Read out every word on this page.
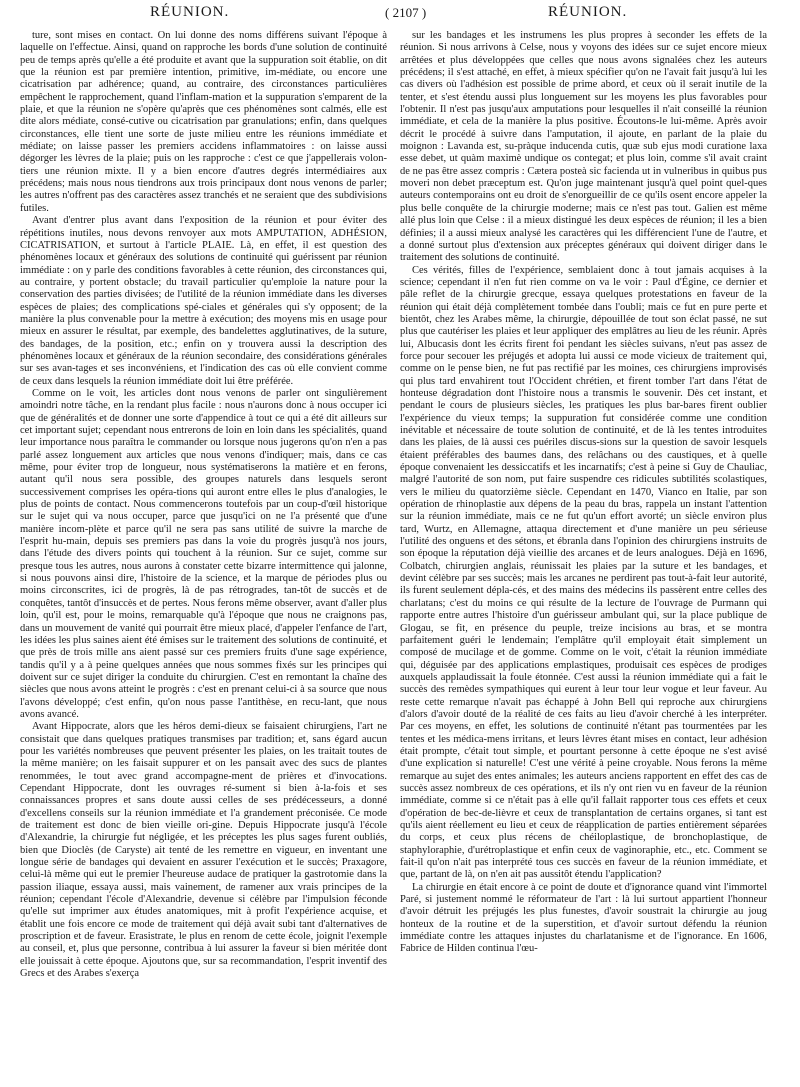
RÉUNION.	( 2107 )	RÉUNION.

ture, sont mises en contact. On lui donne des noms différens suivant l'époque à laquelle on l'effectue. Ainsi, quand on rapproche les bords d'une solution de continuité peu de temps après qu'elle a été produite et avant que la suppuration soit établie, on dit que la réunion est par première intention, primitive, im-médiate, ou encore une cicatrisation par adhérence; quand, au contraire, des circonstances particulières empêchent le rapprochement, quand l'inflam-mation et la suppuration s'emparent de la plaie, et que la réunion ne s'opère qu'après que ces phénomènes sont calmés, elle est dite alors médiate, consé-cutive ou cicatrisation par granulations; enfin, dans quelques circonstances, elle tient une sorte de juste milieu entre les réunions immédiate et médiate; on laisse passer les premiers accidens inflammatoires : on laisse aussi dégorger les lèvres de la plaie; puis on les rapproche : c'est ce que j'appellerais volon-tiers une réunion mixte. Il y a bien encore d'autres degrés intermédiaires aux précédens; mais nous nous tiendrons aux trois principaux dont nous venons de parler; les autres n'offrent pas des caractères assez tranchés et ne seraient que des subdivisions futiles.

Avant d'entrer plus avant dans l'exposition de la réunion et pour éviter des répétitions inutiles, nous devons renvoyer aux mots AMPUTATION, ADHÉSION, CICATRISATION, et surtout à l'article PLAIE. Là, en effet, il est question des phénomènes locaux et généraux des solutions de continuité qui guérissent par réunion immédiate : on y parle des conditions favorables à cette réunion, des circonstances qui, au contraire, y portent obstacle; du travail particulier qu'emploie la nature pour la conservation des parties divisées; de l'utilité de la réunion immédiate dans les diverses espèces de plaies; des complications spé-ciales et générales qui s'y opposent; de la manière la plus convenable pour la mettre à exécution; des moyens mis en usage pour mieux en assurer le résultat, par exemple, des bandelettes agglutinatives, de la suture, des bandages, de la position, etc.; enfin on y trouvera aussi la description des phénomènes locaux et généraux de la réunion secondaire, des considérations générales sur ses avan-tages et ses inconvéniens, et l'indication des cas où elle convient comme de ceux dans lesquels la réunion immédiate doit lui être préférée.

Comme on le voit, les articles dont nous venons de parler ont singulièrement amoindri notre tâche, en la rendant plus facile : nous n'aurons donc à nous occuper ici que de généralités et de donner une sorte d'appendice à tout ce qui a été dit ailleurs sur cet important sujet; cependant nous entrerons de loin en loin dans les spécialités, quand leur importance nous paraîtra le commander ou lorsque nous jugerons qu'on n'en a pas parlé assez longuement aux articles que nous venons d'indiquer; mais, dans ce cas même, pour éviter trop de longueur, nous systématiserons la matière et en ferons, autant qu'il nous sera possible, des groupes naturels dans lesquels seront successivement comprises les opéra-tions qui auront entre elles le plus d'analogies, le plus de points de contact. Nous commencerons toutefois par un coup-d'œil historique sur le sujet qui va nous occuper, parce que jusqu'ici on ne l'a présenté que d'une manière incom-plète et parce qu'il ne sera pas sans utilité de suivre la marche de l'esprit hu-main, depuis ses premiers pas dans la voie du progrès jusqu'à nos jours, dans l'étude des divers points qui touchent à la réunion. Sur ce sujet, comme sur presque tous les autres, nous aurons à constater cette bizarre intermittence qui jalonne, si nous pouvons ainsi dire, l'histoire de la science, et la marque de périodes plus ou moins circonscrites, ici de progrès, là de pas rétrogrades, tan-tôt de succès et de conquêtes, tantôt d'insuccès et de pertes. Nous ferons même observer, avant d'aller plus loin, qu'il est, pour le moins, remarquable qu'à l'époque que nous ne craignons pas, dans un mouvement de vanité qui pourrait être mieux placé, d'appeler l'enfance de l'art, les idées les plus saines aient été émises sur le traitement des solutions de continuité, et que près de trois mille ans aient passé sur ces premiers fruits d'une sage expérience, tandis qu'il y a à peine quelques années que nous sommes fixés sur les principes qui doivent sur ce sujet diriger la conduite du chirurgien. C'est en remontant la chaîne des siècles que nous avons atteint le progrès : c'est en prenant celui-ci à sa source que nous l'avons développé; c'est enfin, qu'on nous passe l'antithèse, en recu-lant, que nous avons avancé.

Avant Hippocrate, alors que les héros demi-dieux se faisaient chirurgiens, l'art ne consistait que dans quelques pratiques transmises par tradition; et, sans égard aucun pour les variétés nombreuses que peuvent présenter les plaies, on les traitait toutes de la même manière; on les faisait suppurer et on les pansait avec des sucs de plantes renommées, le tout avec grand accompagne-ment de prières et d'invocations. Cependant Hippocrate, dont les ouvrages ré-sument si bien à-la-fois et ses connaissances propres et sans doute aussi celles de ses prédécesseurs, a donné d'excellens conseils sur la réunion immédiate et l'a grandement préconisée. Ce mode de traitement est donc de bien vieille ori-gine. Depuis Hippocrate jusqu'à l'école d'Alexandrie, la chirurgie fut négligée, et les préceptes les plus sages furent oubliés, bien que Dioclès (de Caryste) ait tenté de les remettre en vigueur, en inventant une longue série de bandages qui devaient en assurer l'exécution et le succès; Praxagore, celui-là même qui eut le premier l'heureuse audace de pratiquer la gastrotomie dans la passion iliaque, essaya aussi, mais vainement, de ramener aux vrais principes de la réunion; cependant l'école d'Alexandrie, devenue si célèbre par l'impulsion féconde qu'elle sut imprimer aux études anatomiques, mit à profit l'expérience acquise, et établit une fois encore ce mode de traitement qui déjà avait subi tant d'alternatives de proscription et de faveur. Erasistrate, le plus en renom de cette école, joignit l'exemple au conseil, et, plus que personne, contribua à lui assurer la faveur si bien méritée dont elle jouissait à cette époque. Ajoutons que, sur sa recommandation, l'esprit inventif des Grecs et des Arabes s'exerça

sur les bandages et les instrumens les plus propres à seconder les effets de la réunion. Si nous arrivons à Celse, nous y voyons des idées sur ce sujet encore mieux arrêtées et plus développées que celles que nous avons signalées chez les auteurs précédens; il s'est attaché, en effet, à mieux spécifier qu'on ne l'avait fait jusqu'à lui les cas divers où l'adhésion est possible de prime abord, et ceux où il serait inutile de la tenter, et s'est étendu aussi plus longuement sur les moyens les plus favorables pour l'obtenir. Il n'est pas jusqu'aux amputations pour lesquelles il n'ait conseillé la réunion immédiate, et cela de la manière la plus positive. Écoutons-le lui-même. Après avoir décrit le procédé à suivre dans l'amputation, il ajoute, en parlant de la plaie du moignon : Lavanda est, su-pràque inducenda cutis, quæ sub ejus modi curatione laxa esse debet, ut quàm maximè undique os contegat; et plus loin, comme s'il avait craint de ne pas être assez compris : Cætera posteà sic facienda ut in vulneribus in quibus pus moveri non debet præceptum est. Qu'on juge maintenant jusqu'à quel point quel-ques auteurs contemporains ont eu droit de s'enorgueillir de ce qu'ils osent encore appeler la plus belle conquête de la chirurgie moderne; mais ce n'est pas tout. Galien est même allé plus loin que Celse : il a mieux distingué les deux espèces de réunion; il les a bien définies; il a aussi mieux analysé les caractères qui les différencient l'une de l'autre, et a donné surtout plus d'extension aux préceptes généraux qui doivent diriger dans le traitement des solutions de continuité.

Ces vérités, filles de l'expérience, semblaient donc à tout jamais acquises à la science; cependant il n'en fut rien comme on va le voir : Paul d'Égine, ce dernier et pâle reflet de la chirurgie grecque, essaya quelques protestations en faveur de la réunion qui était déjà complètement tombée dans l'oubli; mais ce fut en pure perte et bientôt, chez les Arabes même, la chirurgie, dépouillée de tout son éclat passé, ne sut plus que cautériser les plaies et leur appliquer des emplâtres au lieu de les réunir. Après lui, Albucasis dont les écrits firent foi pendant les siècles suivans, n'eut pas assez de force pour secouer les préjugés et adopta lui aussi ce mode vicieux de traitement qui, comme on le pense bien, ne fut pas rectifié par les moines, ces chirurgiens improvisés qui plus tard envahirent tout l'Occident chrétien, et firent tomber l'art dans l'état de honteuse dégradation dont l'histoire nous a transmis le souvenir. Dès cet instant, et pendant le cours de plusieurs siècles, les pratiques les plus bar-bares firent oublier l'expérience du vieux temps; la suppuration fut considérée comme une condition inévitable et nécessaire de toute solution de continuité, et de là les tentes introduites dans les plaies, de là aussi ces puériles discus-sions sur la question de savoir lesquels étaient préférables des baumes dans, des relâchans ou des caustiques, et à quelle époque convenaient les dessiccatifs et les incarnatifs; c'est à peine si Guy de Chauliac, malgré l'autorité de son nom, put faire suspendre ces ridicules subtilités scolastiques, vers le milieu du quatorzième siècle. Cependant en 1470, Vianco en Italie, par son opération de rhinoplastie aux dépens de la peau du bras, rappela un instant l'attention sur la réunion immédiate, mais ce ne fut qu'un effort avorté; un siècle environ plus tard, Wurtz, en Allemagne, attaqua directement et d'une manière un peu sérieuse l'utilité des onguens et des sétons, et ébranla dans l'opinion des chirurgiens instruits de son époque la réputation déjà vieillie des arcanes et de leurs analogues. Déjà en 1696, Colbatch, chirurgien anglais, réunissait les plaies par la suture et les bandages, et devint célèbre par ses succès; mais les arcanes ne perdirent pas tout-à-fait leur autorité, ils furent seulement dépla-cés, et des mains des médecins ils passèrent entre celles des charlatans; c'est du moins ce qui résulte de la lecture de l'ouvrage de Purmann qui rapporte entre autres l'histoire d'un guérisseur ambulant qui, sur la place publique de Glogau, se fit, en présence du peuple, treize incisions au bras, et se montra parfaitement guéri le lendemain; l'emplâtre qu'il employait était simplement un composé de mucilage et de gomme. Comme on le voit, c'était la réunion immédiate qui, déguisée par des applications emplastiques, produisait ces espèces de prodiges auxquels applaudissait la foule étonnée. C'est aussi la réunion immédiate qui a fait le succès des remèdes sympathiques qui eurent à leur tour leur vogue et leur faveur. Au reste cette remarque n'avait pas échappé à John Bell qui reproche aux chirurgiens d'alors d'avoir douté de la réalité de ces faits au lieu d'avoir cherché à les interpréter. Par ces moyens, en effet, les solutions de continuité n'étant pas tourmentées par les tentes et les médica-mens irritans, et leurs lèvres étant mises en contact, leur adhésion était prompte, c'était tout simple, et pourtant personne à cette époque ne s'est avisé d'une explication si naturelle! C'est une vérité à peine croyable. Nous ferons la même remarque au sujet des entes animales; les auteurs anciens rapportent en effet des cas de succès assez nombreux de ces opérations, et ils n'y ont rien vu en faveur de la réunion immédiate, comme si ce n'était pas à elle qu'il fallait rapporter tous ces effets et ceux d'opération de bec-de-lièvre et ceux de transplantation de certains organes, si tant est qu'ils aient réellement eu lieu et ceux de réapplication de parties entièrement séparées du corps, et ceux plus récens de chéiloplastique, de bronchoplastique, de staphyloraphie, d'urétroplastique et enfin ceux de vaginoraphie, etc., etc. Comment se fait-il qu'on n'ait pas interprété tous ces succès en faveur de la réunion immédiate, et que, partant de là, on n'en ait pas aussitôt étendu l'application?

La chirurgie en était encore à ce point de doute et d'ignorance quand vint l'immortel Paré, si justement nommé le réformateur de l'art : là lui surtout appartient l'honneur d'avoir détruit les préjugés les plus funestes, d'avoir soustrait la chirurgie au joug honteux de la routine et de la superstition, et d'avoir surtout défendu la réunion immédiate contre les attaques injustes du charlatanisme et de l'ignorance. En 1606, Fabrice de Hilden continua l'œu-
